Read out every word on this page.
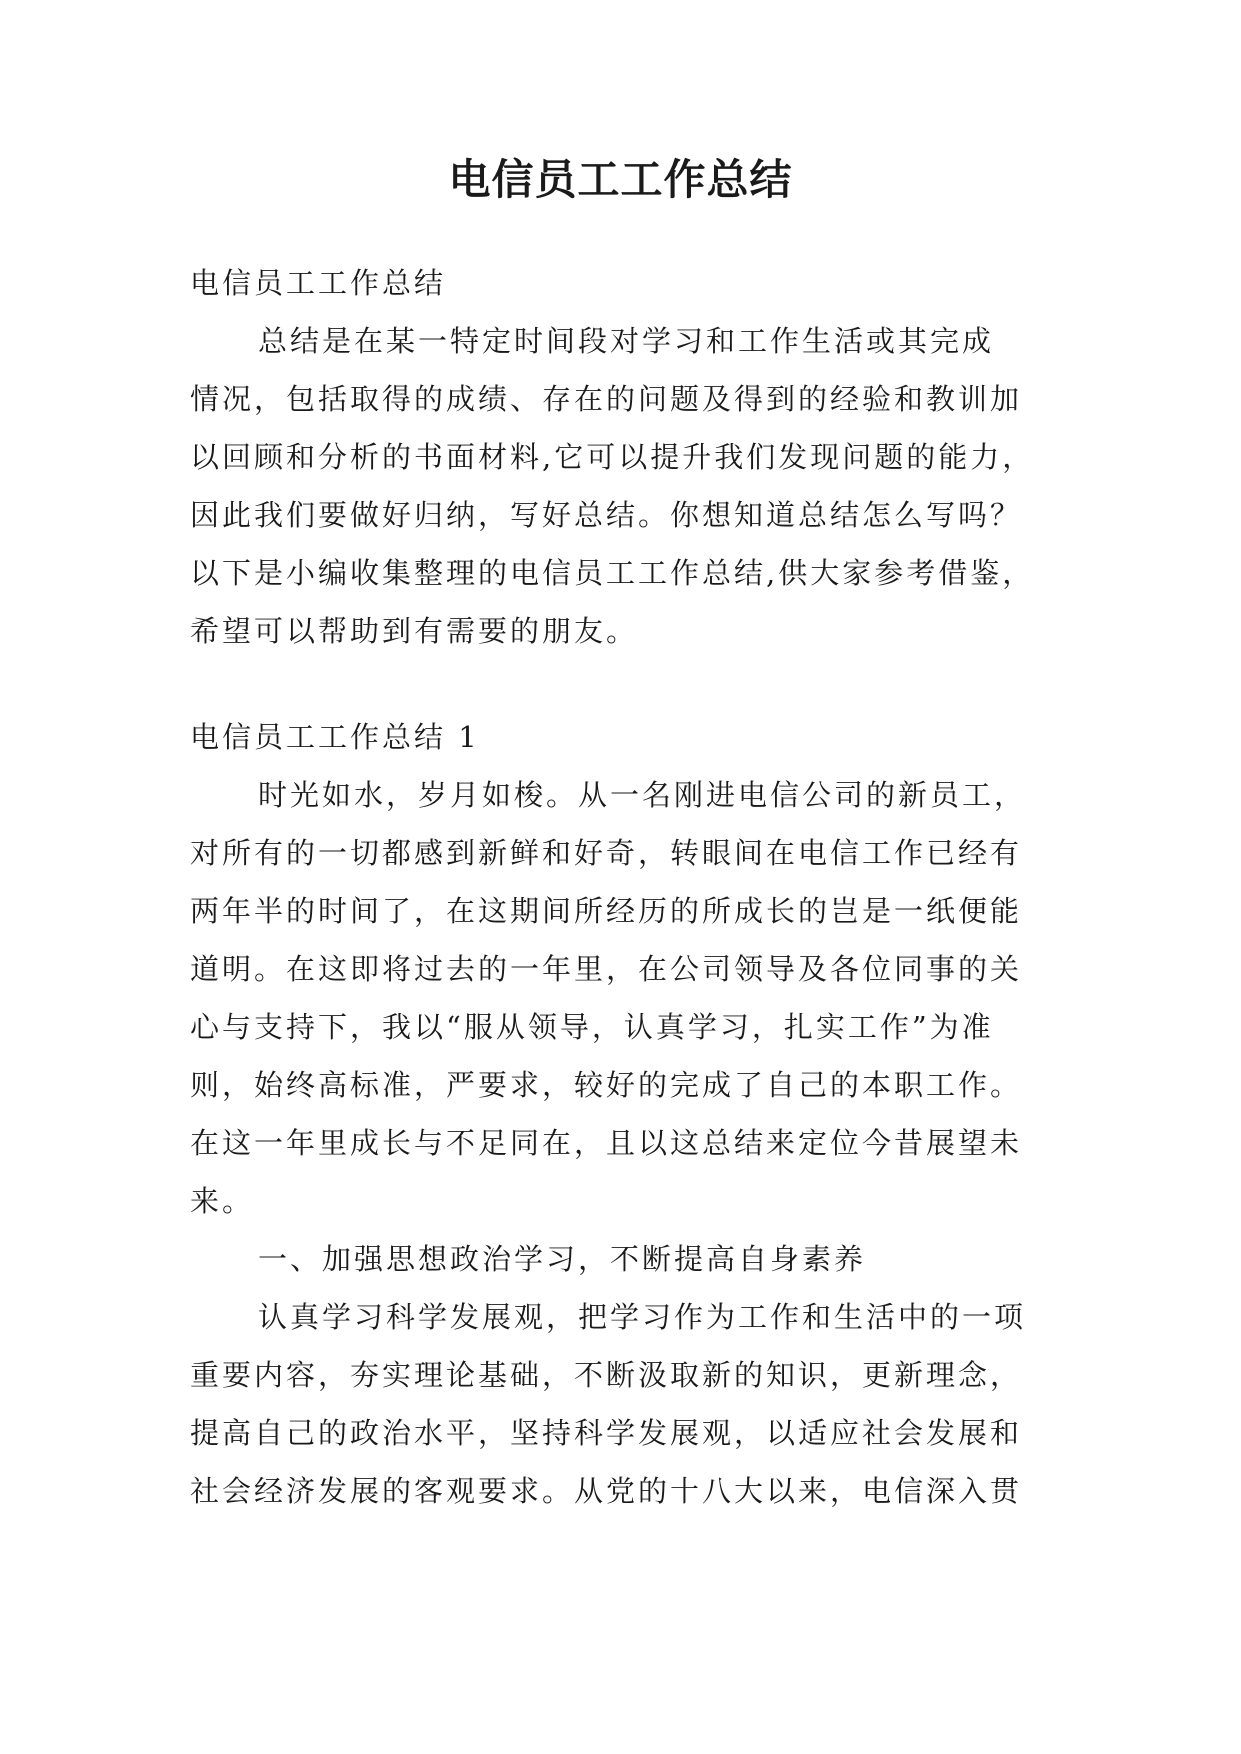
电信员工工作总结
电信员工工作总结
总结是在某一特定时间段对学习和工作生活或其完成
情况，包括取得的成绩、存在的问题及得到的经验和教训加
以回顾和分析的书面材料,它可以提升我们发现问题的能力，
因此我们要做好归纳，写好总结。你想知道总结怎么写吗？
以下是小编收集整理的电信员工工作总结,供大家参考借鉴，
希望可以帮助到有需要的朋友。
电信员工工作总结 1
时光如水，岁月如梭。从一名刚进电信公司的新员工，
对所有的一切都感到新鲜和好奇，转眼间在电信工作已经有
两年半的时间了，在这期间所经历的所成长的岂是一纸便能
道明。在这即将过去的一年里，在公司领导及各位同事的关
心与支持下，我以“服从领导，认真学习，扎实工作”为准
则，始终高标准，严要求，较好的完成了自己的本职工作。
在这一年里成长与不足同在，且以这总结来定位今昔展望未
来。
一、加强思想政治学习，不断提高自身素养
认真学习科学发展观，把学习作为工作和生活中的一项
重要内容，夯实理论基础，不断汲取新的知识，更新理念，
提高自己的政治水平，坚持科学发展观，以适应社会发展和
社会经济发展的客观要求。从党的十八大以来，电信深入贯
